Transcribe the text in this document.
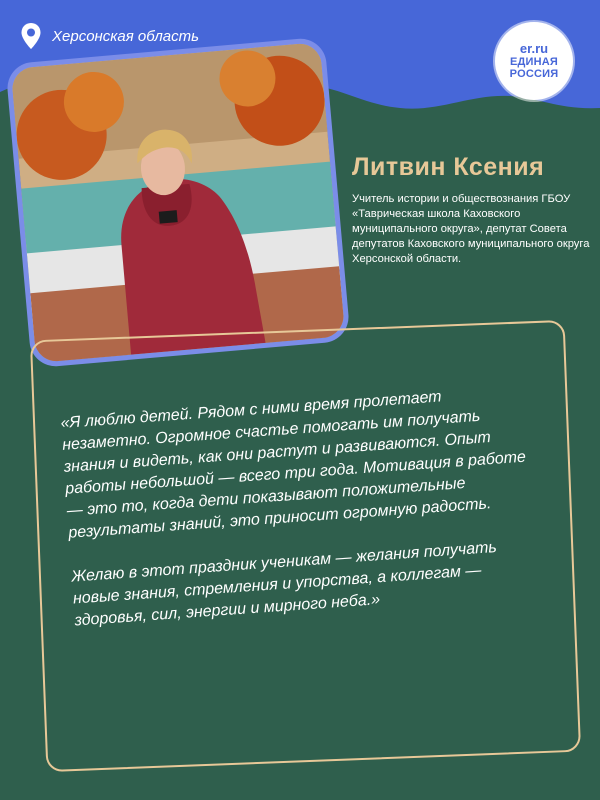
Херсонская область
er.ru
ЕДИНАЯ
РОССИЯ
Литвин Ксения
Учитель истории и обществознания ГБОУ «Таврическая школа Каховского муниципального округа», депутат Совета депутатов Каховского муниципального округа Херсонской области.

«Я люблю детей. Рядом с ними время пролетает незаметно. Огромное счастье помогать им получать знания и видеть, как они растут и развиваются. Опыт работы небольшой — всего три года. Мотивация в работе — это то, когда дети показывают положительные результаты знаний, это приносит огромную радость.

Желаю в этот праздник ученикам — желания получать новые знания, стремления и упорства, а коллегам — здоровья, сил, энергии и мирного неба.»
